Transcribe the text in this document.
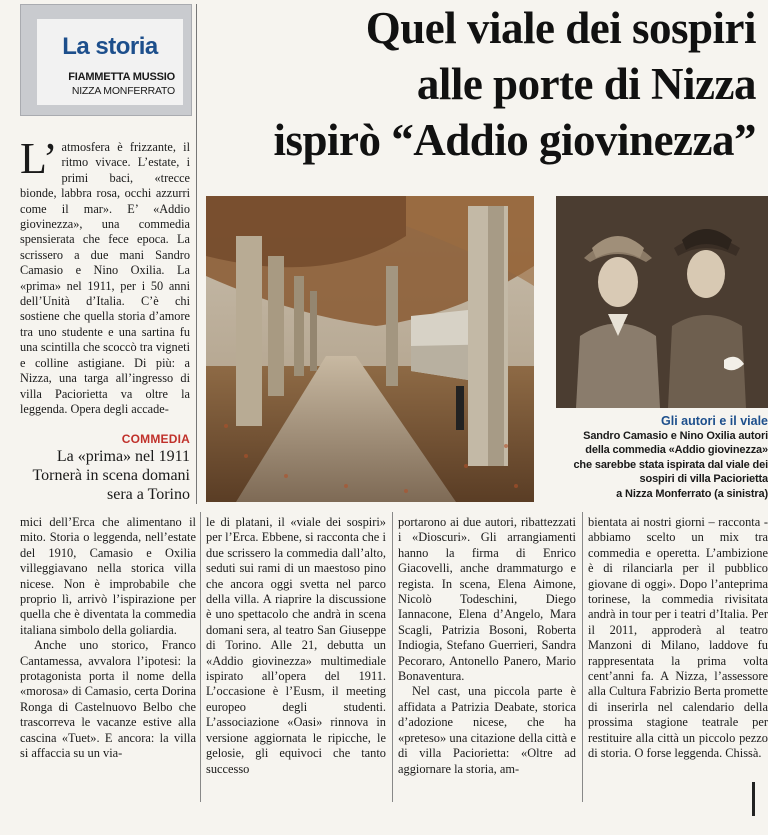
La storia
FIAMMETTA MUSSIO
NIZZA MONFERRATO
Quel viale dei sospiri
alle porte di Nizza
ispirò “Addio giovinezza”

L’ atmosfera è frizzante, il ritmo vivace. L’estate, i primi baci, «trecce bionde, labbra rosa, occhi azzurri come il mar». E’ «Addio giovinezza», una commedia spensierata che fece epoca. La scrissero a due mani Sandro Camasio e Nino Oxilia. La «prima» nel 1911, per i 50 anni dell’Unità d’Italia. C’è chi sostiene che quella storia d’amore tra uno studente e una sartina fu una scintilla che scoccò tra vigneti e colline astigiane. Di più: a Nizza, una targa all’ingresso di villa Paciorietta va oltre la leggenda. Opera degli accade-

COMMEDIA
La «prima» nel 1911 Tornerà in scena domani sera a Torino
Gli autori e il viale
Sandro Camasio e Nino Oxilia autori
della commedia «Addio giovinezza»
che sarebbe stata ispirata dal viale dei
sospiri di villa Paciorietta
a Nizza Monferrato (a sinistra)

mici dell’Erca che alimentano il mito. Storia o leggenda, nell’estate del 1910, Camasio e Oxilia villeggiavano nella storica villa nicese. Non è improbabile che proprio lì, arrivò l’ispirazione per quella che è diventata la commedia italiana simbolo della goliardia.

Anche uno storico, Franco Cantamessa, avvalora l’ipotesi: la protagonista porta il nome della «morosa» di Camasio, certa Dorina Ronga di Castelnuovo Belbo che trascorreva le vacanze estive alla cascina «Tuet». E ancora: la villa si affaccia su un via-

le di platani, il «viale dei sospiri» per l’Erca. Ebbene, si racconta che i due scrissero la commedia dall’alto, seduti sui rami di un maestoso pino che ancora oggi svetta nel parco della villa. A riaprire la discussione è uno spettacolo che andrà in scena domani sera, al teatro San Giuseppe di Torino. Alle 21, debutta un «Addio giovinezza» multimediale ispirato all’opera del 1911. L’occasione è l’Eusm, il meeting europeo degli studenti. L’associazione «Oasi» rinnova in versione aggiornata le ripicche, le gelosie, gli equivoci che tanto successo

portarono ai due autori, ribattezzati i «Dioscuri». Gli arrangiamenti hanno la firma di Enrico Giacovelli, anche drammaturgo e regista. In scena, Elena Aimone, Nicolò Todeschini, Diego Iannacone, Elena d’Angelo, Mara Scagli, Patrizia Bosoni, Roberta Indiogia, Stefano Guerrieri, Sandra Pecoraro, Antonello Panero, Mario Bonaventura.

Nel cast, una piccola parte è affidata a Patrizia Deabate, storica d’adozione nicese, che ha «preteso» una citazione della città e di villa Paciorietta: «Oltre ad aggiornare la storia, am-

bientata ai nostri giorni – racconta - abbiamo scelto un mix tra commedia e operetta. L’ambizione è di rilanciarla per il pubblico giovane di oggi». Dopo l’anteprima torinese, la commedia rivisitata andrà in tour per i teatri d’Italia. Per il 2011, approderà al teatro Manzoni di Milano, laddove fu rappresentata la prima volta cent’anni fa. A Nizza, l’assessore alla Cultura Fabrizio Berta promette di inserirla nel calendario della prossima stagione teatrale per restituire alla città un piccolo pezzo di storia. O forse leggenda. Chissà.
